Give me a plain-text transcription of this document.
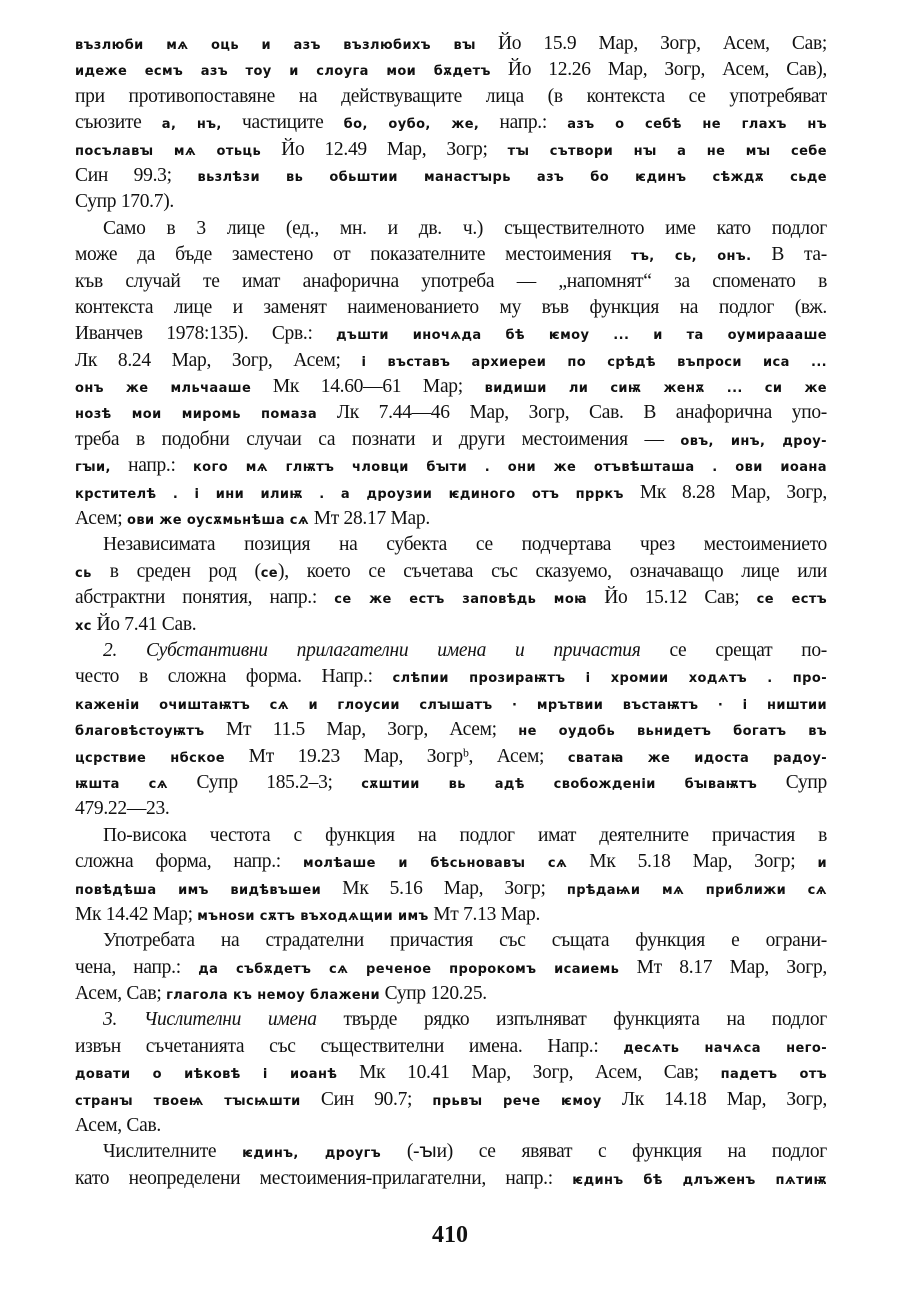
възлюби мѧ оць и азъ възлюбихъ вꙑ Йо 15.9 Мар, Зогр, Асем, Сав;
идеже есмъ азъ тоу и слоуга мои бѫдетъ Йо 12.26 Мар, Зогр, Асем, Сав),
при противопоставяне на действуващите лица (в контекста се употребяват
съюзите а, нъ, частиците бо, оубо, же, напр.: азъ о себѣ не глахъ нъ
посълавꙑ мѧ отьць Йо 12.49 Мар, Зогр; тꙑ сътвори нꙑ а не мꙑ себе
Син 99.3; вьзлѣзи вь обьштии манастꙑрь азъ бо ѥдинъ сѣждѫ сьде
Супр 170.7).
Само в 3 лице (ед., мн. и дв. ч.) съществителното име като подлог
може да бъде заместено от показателните местоимения тъ, сь, онъ. В та-
къв случай те имат анафорична употреба — „напомнят“ за споменато в
контекста лице и заменят наименованието му във функция на подлог (вж.
Иванчев 1978:135). Срв.: дъшти иночѧда бѣ ѥмоу ... и та оумираааше
Лк 8.24 Мар, Зогр, Асем; і въставъ архиереи по срѣдѣ въпроси иса ...
онъ же мльчааше Мк 14.60—61 Мар; видиши ли сиѭ женѫ ... си же
нозѣ мои миромь помаза Лк 7.44—46 Мар, Зогр, Сав. В анафорична упо-
треба в подобни случаи са познати и други местоимения — овъ, инъ, дроу-
гꙑи, напр.: кого мѧ глѭтъ чловци бꙑти . они же отъвѣшташа . ови иоана
крстителѣ . і ини илиѭ . а дроузии ѥдиного отъ прркъ Мк 8.28 Мар, Зогр,
Асем; ови же оусѫмьнѣша сѧ Мт 28.17 Мар.
Независимата позиция на субекта се подчертава чрез местоимението
сь в среден род (се), което се съчетава със сказуемо, означаващо лице или
абстрактни понятия, напр.: се же естъ заповѣдь моꙗ Йо 15.12 Сав; се естъ
хс Йо 7.41 Сав.
2. Субстантивни прилагателни имена и причастия се срещат по-
често в сложна форма. Напр.: слѣпии прозираѭтъ і хромии ходѧтъ . про-
каженіи очиштаѭтъ сѧ и глоусии слꙑшатъ · мрътвии въстаѭтъ · і ништии
благовѣстоуѭтъ Мт 11.5 Мар, Зогр, Асем; не оудобь вьнидетъ богатъ въ
цсрствие нбское Мт 19.23 Мар, Зогрᵇ, Асем; сватаꙗ же идоста радоу-
ѭшта сѧ Супр 185.2–3; сѫштии вь адѣ свобожденіи бꙑваѭтъ Супр
479.22—23.
По-висока честота с функция на подлог имат деятелните причастия в
сложна форма, напр.: молѣаше и бѣсьновавꙑ сѧ Мк 5.18 Мар, Зогр; и
повѣдѣша имъ видѣвъшеи Мк 5.16 Мар, Зогр; прѣдаѩи мѧ приближи сѧ
Мк 14.42 Мар; мъноѕи сѫтъ въходѧщии имъ Мт 7.13 Мар.
Употребата на страдателни причастия със същата функция е ограни-
чена, напр.: да събѫдетъ сѧ реченое пророкомъ исаиемь Мт 8.17 Мар, Зогр,
Асем, Сав; глагола къ немоу блажени Супр 120.25.
3. Числителни имена твърде рядко изпълняват функцията на подлог
извън съчетанията със съществителни имена. Напр.: десѧть начѧса него-
довати о иѣковѣ і иоанѣ Мк 10.41 Мар, Зогр, Асем, Сав; падетъ отъ
странꙑ твоеѩ тꙑсѩшти Син 90.7; прьвꙑ рече ѥмоу Лк 14.18 Мар, Зогр,
Асем, Сав.
Числителните ѥдинъ, дроугъ (-ꙑи) се явяват с функция на подлог
като неопределени местоимения-прилагателни, напр.: ѥдинъ бѣ длъженъ пѧтиѭ
410
